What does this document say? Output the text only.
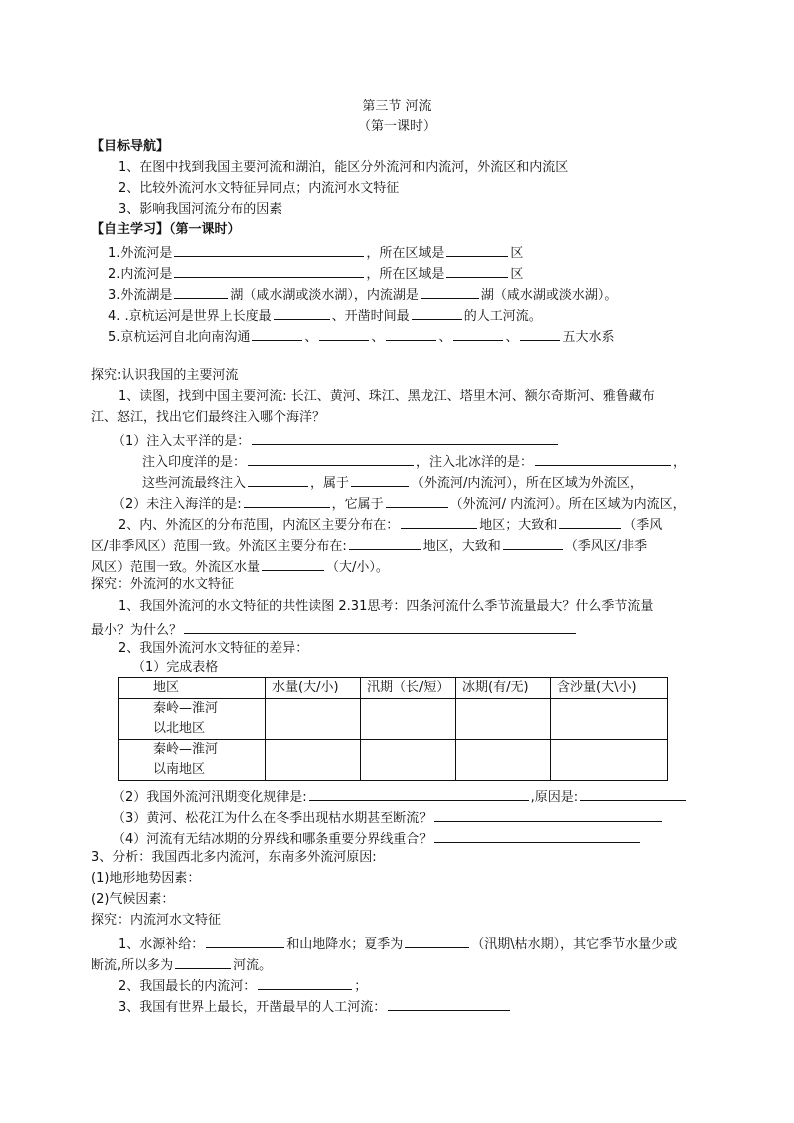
第三节 河流
（第一课时）
【目标导航】
1、在图中找到我国主要河流和湖泊，能区分外流河和内流河，外流区和内流区
2、比较外流河水文特征异同点；内流河水文特征
3、影响我国河流分布的因素
【自主学习】（第一课时）
1.外流河是	，所在区域是	区
2.内流河是	，所在区域是	区
3.外流湖是	湖（咸水湖或淡水湖），内流湖是	湖（咸水湖或淡水湖）。
4. .京杭运河是世界上长度最	、开凿时间最	的人工河流。
5.京杭运河自北向南沟通	、	、	、	、	五大水系
探究:认识我国的主要河流
1、读图，找到中国主要河流: 长江、黄河、珠江、黑龙江、塔里木河、额尔奇斯河、雅鲁藏布
江、怒江，找出它们最终注入哪个海洋？
（1）注入太平洋的是：
注入印度洋的是：	，注入北冰洋的是：	，
这些河流最终注入	，属于	（外流河/内流河），所在区域为外流区，
（2）未注入海洋的是:	，它属于	（外流河/ 内流河）。所在区域为内流区，
2、内、外流区的分布范围，内流区主要分布在：	地区；大致和	（季风
区/非季风区）范围一致。外流区主要分布在:	地区，大致和	（季风区/非季
风区）范围一致。外流区水量	（大/小）。
探究：外流河的水文特征
1、我国外流河的水文特征的共性读图 2.31思考：四条河流什么季节流量最大？什么季节流量
最小？为什么？
2、我国外流河水文特征的差异：
（1）完成表格
地区	水量(大/小)	汛期（长/短）	冰期(有/无)	含沙量(大\小)

秦岭—淮河
以北地区				

秦岭—淮河
以南地区				

（2）我国外流河汛期变化规律是:	,原因是:
（3）黄河、松花江为什么在冬季出现枯水期甚至断流？
（4）河流有无结冰期的分界线和哪条重要分界线重合？
3、分析：我国西北多内流河，东南多外流河原因:
(1)地形地势因素：
(2)气候因素：
探究：内流河水文特征
1、水源补给：	和山地降水；夏季为	（汛期\枯水期），其它季节水量少或
断流,所以多为	河流。
2、我国最长的内流河：	；
3、我国有世界上最长，开凿最早的人工河流：
